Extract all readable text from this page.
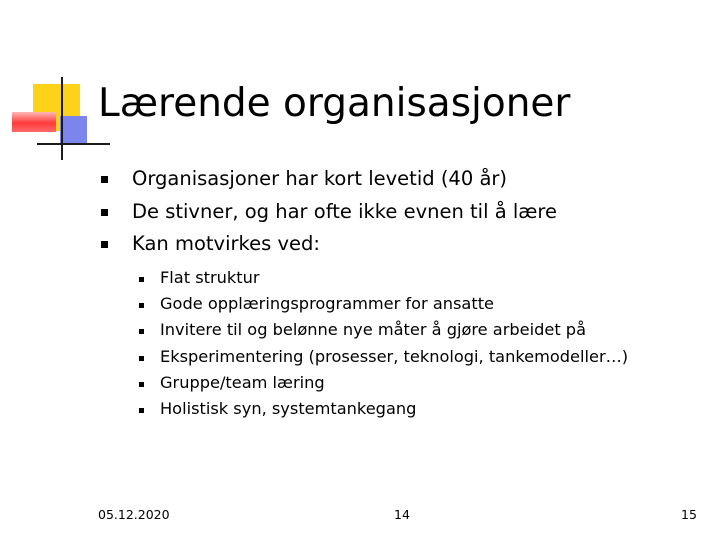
Lærende organisasjoner
Organisasjoner har kort levetid (40 år)
De stivner, og har ofte ikke evnen til å lære
Kan motvirkes ved:
Flat struktur
Gode opplæringsprogrammer for ansatte
Invitere til og belønne nye måter å gjøre arbeidet på
Eksperimentering (prosesser, teknologi, tankemodeller…)
Gruppe/team læring
Holistisk syn, systemtankegang
05.12.2020	14	15
